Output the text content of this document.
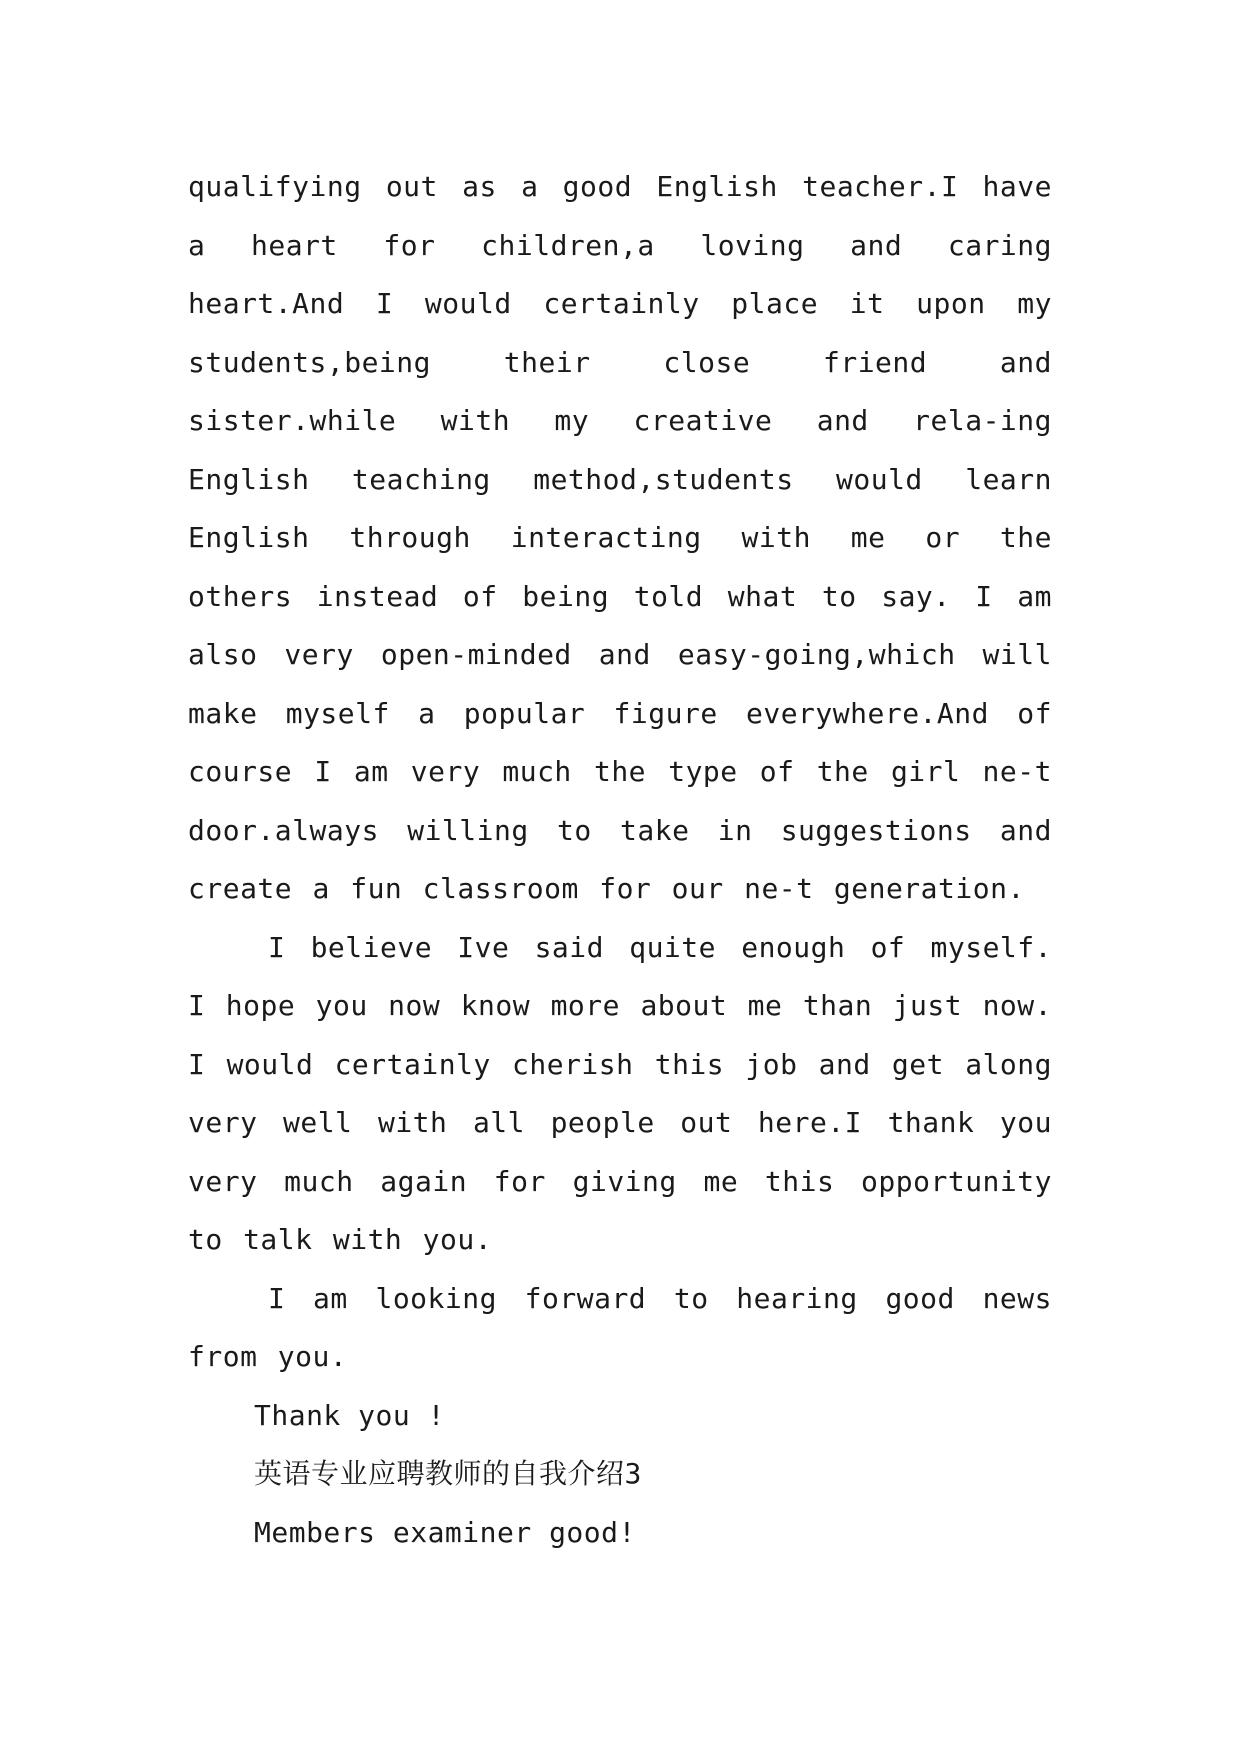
qualifying out as a good English teacher.I have a heart for children,a loving and caring heart.And I would certainly place it upon my students,being their close friend and sister.while with my creative and rela-ing English teaching method,students would learn English through interacting with me or the others instead of being told what to say. I am also very open-minded and easy-going,which will make myself a popular figure everywhere.And of course I am very much the type of the girl ne-t door.always willing to take in suggestions and create a fun classroom for our ne-t generation.

I believe Ive said quite enough of myself. I hope you now know more about me than just now. I would certainly cherish this job and get along very well with all people out here.I thank you very much again for giving me this opportunity to talk with you.

I am looking forward to hearing good news from you.

Thank you !

英语专业应聘教师的自我介绍3

Members examiner good!
